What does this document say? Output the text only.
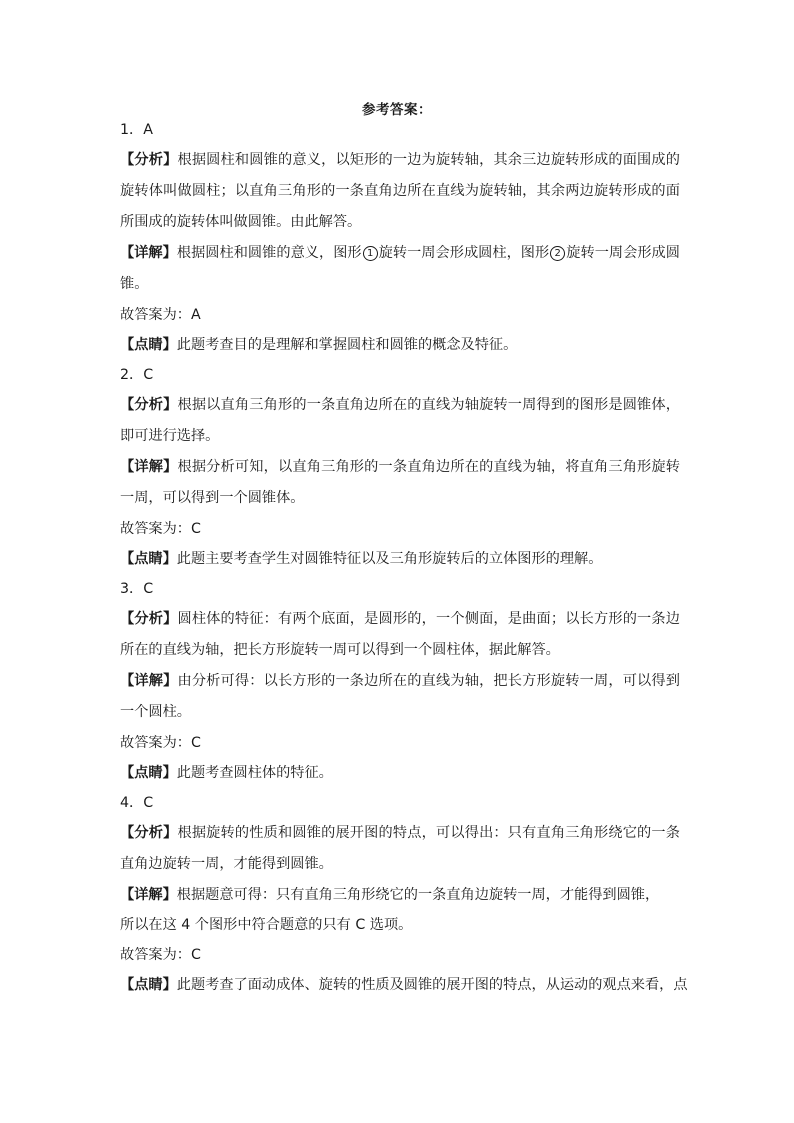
参考答案：
1．A
【分析】根据圆柱和圆锥的意义，以矩形的一边为旋转轴，其余三边旋转形成的面围成的旋转体叫做圆柱；以直角三角形的一条直角边所在直线为旋转轴，其余两边旋转形成的面所围成的旋转体叫做圆锥。由此解答。
【详解】根据圆柱和圆锥的意义，图形 1 旋转一周会形成圆柱，图形 2 旋转一周会形成圆锥。
故答案为：A
【点睛】此题考查目的是理解和掌握圆柱和圆锥的概念及特征。
2．C
【分析】根据以直角三角形的一条直角边所在的直线为轴旋转一周得到的图形是圆锥体，即可进行选择。
【详解】根据分析可知，以直角三角形的一条直角边所在的直线为轴，将直角三角形旋转一周，可以得到一个圆锥体。
故答案为：C
【点睛】此题主要考查学生对圆锥特征以及三角形旋转后的立体图形的理解。
3．C
【分析】圆柱体的特征：有两个底面，是圆形的，一个侧面，是曲面；以长方形的一条边所在的直线为轴，把长方形旋转一周可以得到一个圆柱体，据此解答。
【详解】由分析可得：以长方形的一条边所在的直线为轴，把长方形旋转一周，可以得到一个圆柱。
故答案为：C
【点睛】此题考查圆柱体的特征。
4．C
【分析】根据旋转的性质和圆锥的展开图的特点，可以得出：只有直角三角形绕它的一条直角边旋转一周，才能得到圆锥。
【详解】根据题意可得：只有直角三角形绕它的一条直角边旋转一周，才能得到圆锥，
所以在这 4 个图形中符合题意的只有 C 选项。
故答案为：C
【点睛】此题考查了面动成体、旋转的性质及圆锥的展开图的特点，从运动的观点来看，点
